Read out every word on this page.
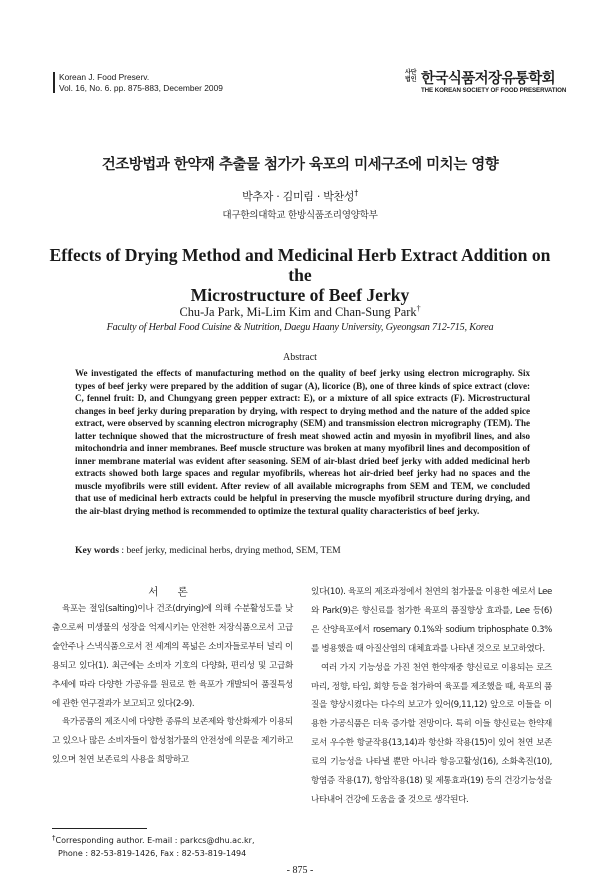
Korean J. Food Preserv.
Vol. 16, No. 6. pp. 875-883, December 2009
사단법인 한국식품저장유통학회
THE KOREAN SOCIETY OF FOOD PRESERVATION
건조방법과 한약재 추출물 첨가가 육포의 미세구조에 미치는 영향
박추자 · 김미림 · 박찬성†
대구한의대학교 한방식품조리영양학부
Effects of Drying Method and Medicinal Herb Extract Addition on the
Microstructure of Beef Jerky
Chu-Ja Park, Mi-Lim Kim and Chan-Sung Park†
Faculty of Herbal Food Cuisine & Nutrition, Daegu Haany University, Gyeongsan 712-715, Korea
Abstract
We investigated the effects of manufacturing method on the quality of beef jerky using electron micrography. Six types of beef jerky were prepared by the addition of sugar (A), licorice (B), one of three kinds of spice extract (clove: C, fennel fruit: D, and Chungyang green pepper extract: E), or a mixture of all spice extracts (F). Microstructural changes in beef jerky during preparation by drying, with respect to drying method and the nature of the added spice extract, were observed by scanning electron micrography (SEM) and transmission electron micrography (TEM). The latter technique showed that the microstructure of fresh meat showed actin and myosin in myofibril lines, and also mitochondria and inner membranes. Beef muscle structure was broken at many myofibril lines and decomposition of inner membrane material was evident after seasoning. SEM of air-blast dried beef jerky with added medicinal herb extracts showed both large spaces and regular myofibrils, whereas hot air-dried beef jerky had no spaces and the muscle myofibrils were still evident. After review of all available micrographs from SEM and TEM, we concluded that use of medicinal herb extracts could be helpful in preserving the muscle myofibril structure during drying, and the air-blast drying method is recommended to optimize the textural quality characteristics of beef jerky.
Key words : beef jerky, medicinal herbs, drying method, SEM, TEM
서 론

육포는 절임(salting)이나 건조(drying)에 의해 수분활성도를 낮춤으로써 미생물의 성장을 억제시키는 안전한 저장식품으로서 고급 술안주나 스낵식품으로서 전 세계의 폭넓은 소비자들로부터 널리 이용되고 있다(1). 최근에는 소비자 기호의 다양화, 편리성 및 고급화 추세에 따라 다양한 가공유를 원료로 한 육포가 개발되어 품질특성에 관한 연구결과가 보고되고 있다(2-9).

육가공품의 제조시에 다양한 종류의 보존제와 항산화제가 이용되고 있으나 많은 소비자들이 합성첨가물의 안전성에 의문을 제기하고 있으며 천연 보존료의 사용을 희망하고

있다(10). 육포의 제조과정에서 천연의 첨가물을 이용한 예로서 Lee와 Park(9)은 향신료를 첨가한 육포의 품질향상 효과를, Lee 등(6)은 산양육포에서 rosemary 0.1%와 sodium triphosphate 0.3%를 병용했을 때 아질산염의 대체효과를 나타낸 것으로 보고하였다.

여러 가지 기능성을 가진 천연 한약재중 향신료로 이용되는 로즈마리, 정향, 타임, 회향 등을 첨가하여 육포를 제조했을 때, 육포의 품질을 향상시켰다는 다수의 보고가 있어(9,11,12) 앞으로 이들을 이용한 가공식품은 더욱 증가할 전망이다. 특히 이들 향신료는 한약재로서 우수한 항균작용(13,14)과 항산화 작용(15)이 있어 천연 보존료의 기능성을 나타낼 뿐만 아니라 항응고활성(16), 소화촉진(10), 항염증 작용(17), 항암작용(18) 및 제통효과(19) 등의 건강기능성을 나타내어 건강에 도움을 줄 것으로 생각된다.

†Corresponding author. E-mail : parkcs@dhu.ac.kr,
Phone : 82-53-819-1426, Fax : 82-53-819-1494
- 875 -
